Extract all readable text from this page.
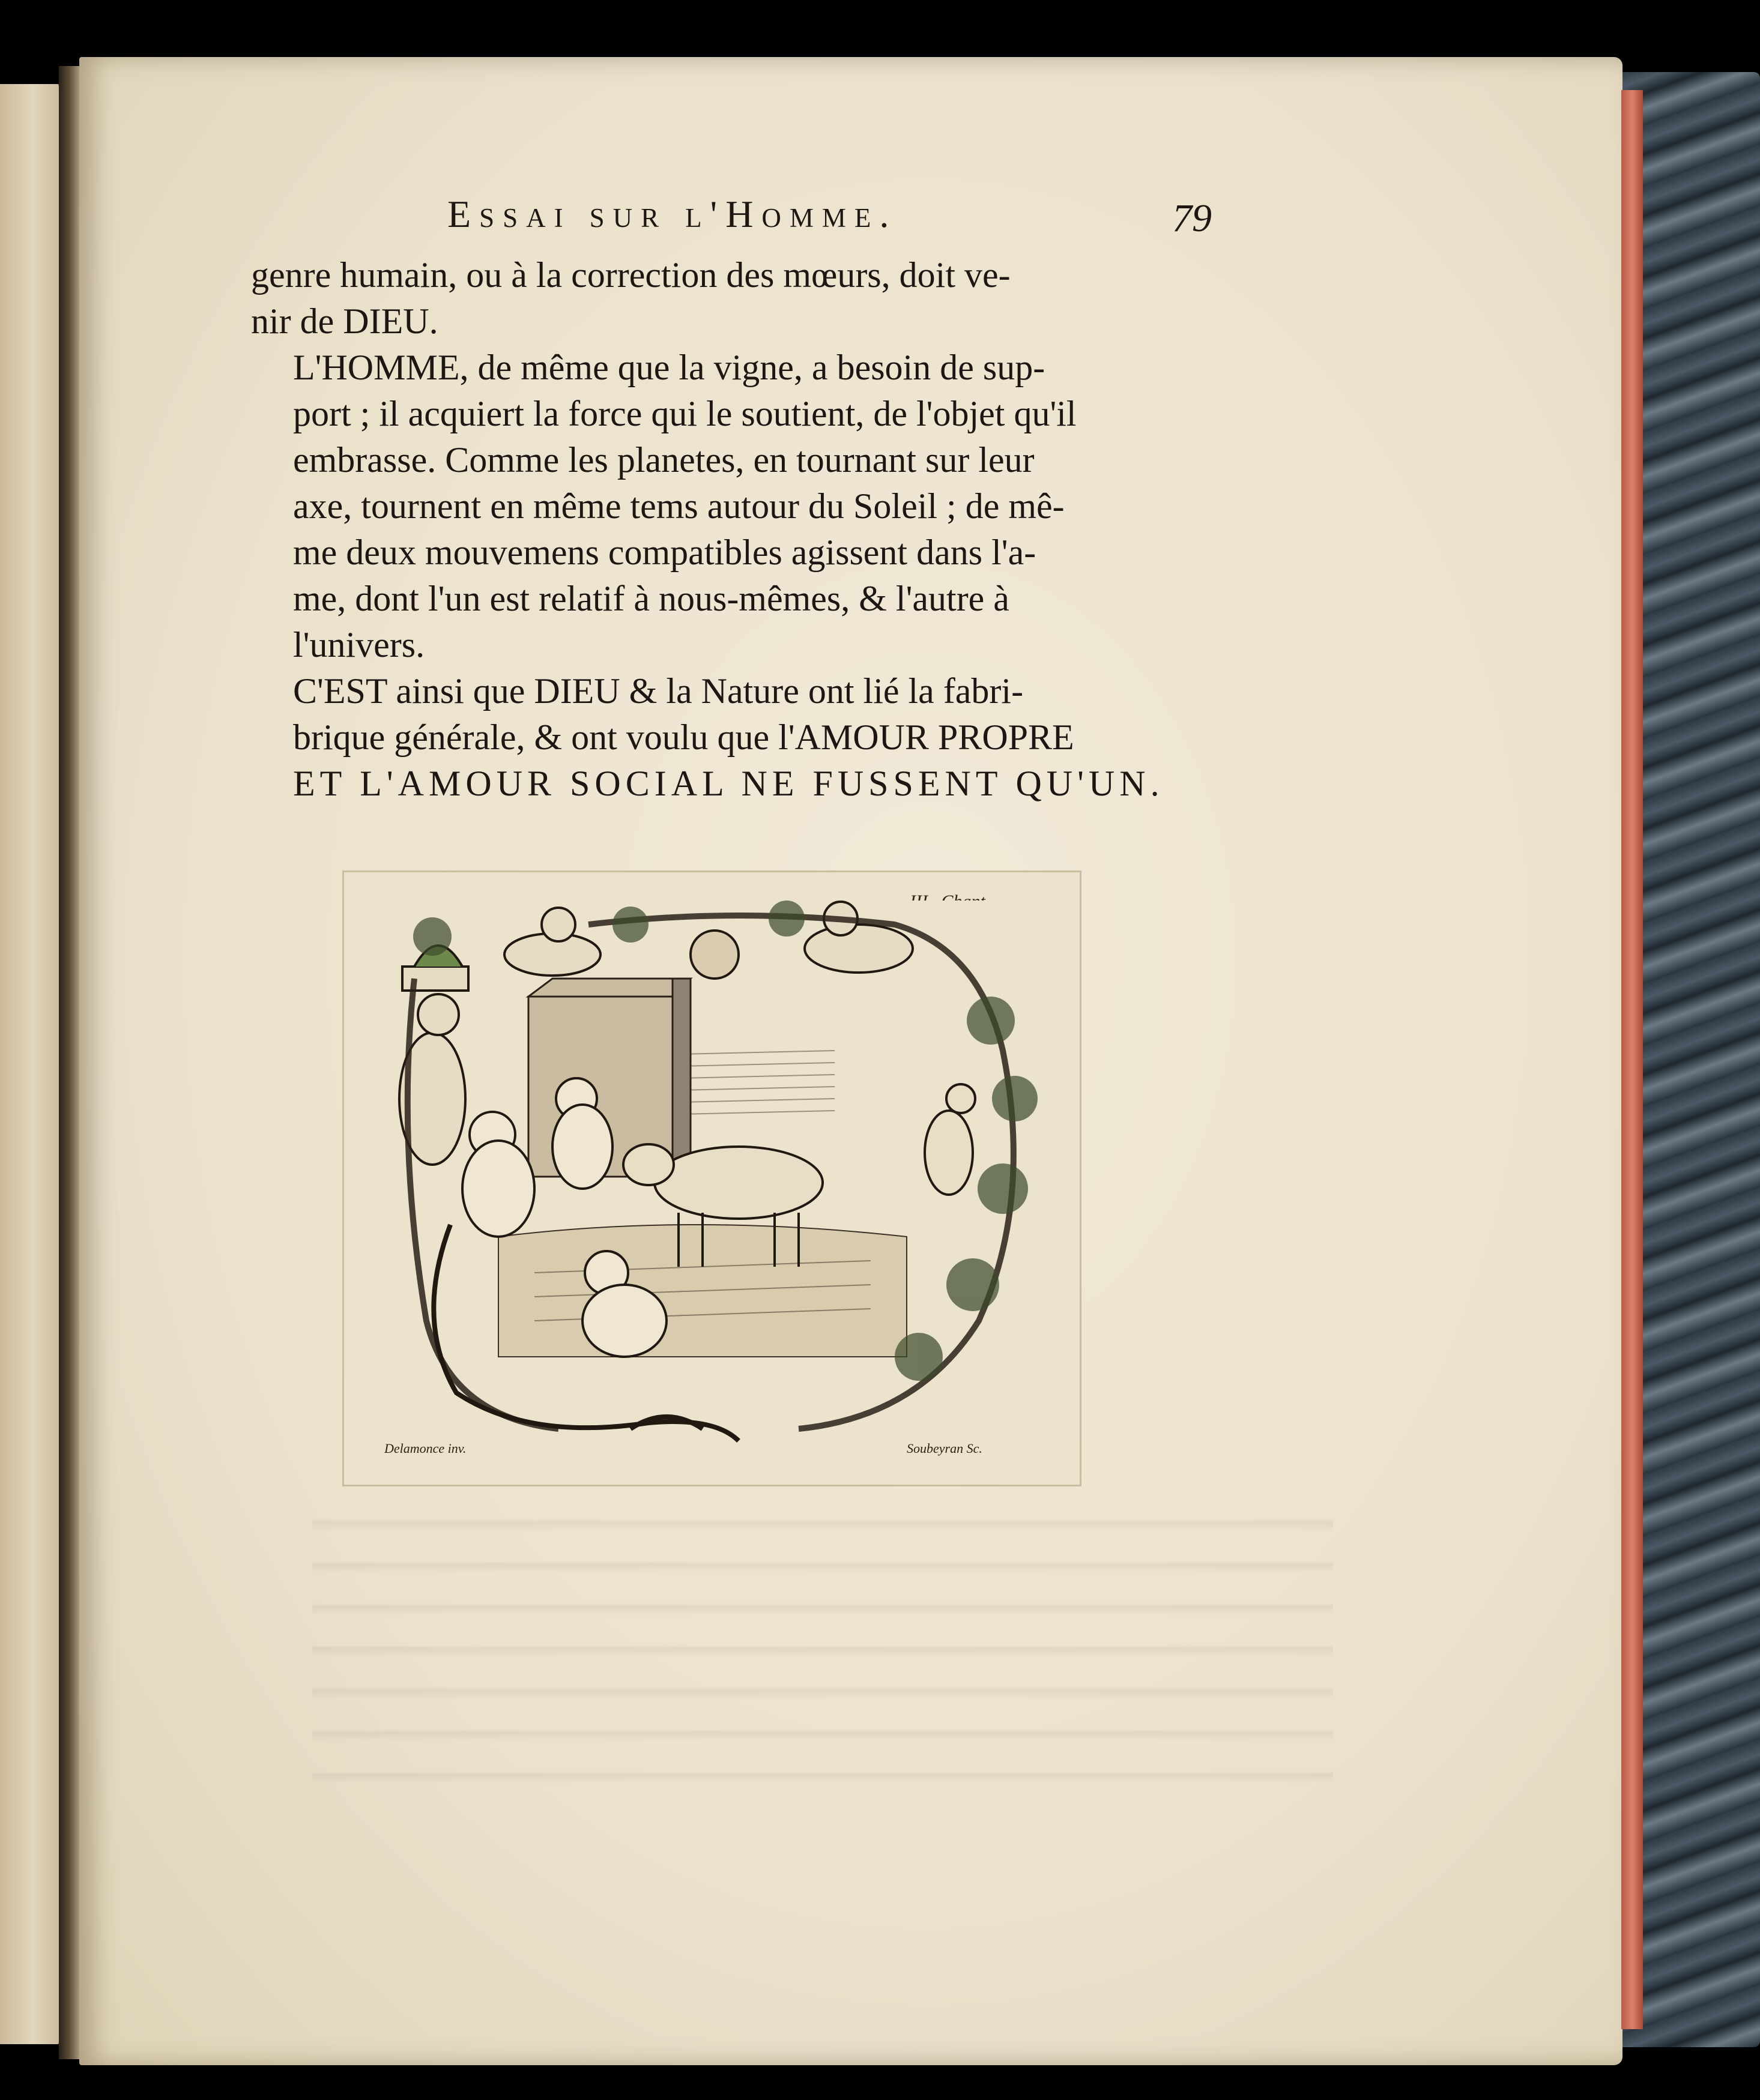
Essai sur l'Homme.	79

genre humain, ou à la correction des mœurs, doit ve-
nir de DIEU.

L'HOMME, de même que la vigne, a besoin de sup-
port ; il acquiert la force qui le soutient, de l'objet qu'il
embrasse. Comme les planetes, en tournant sur leur
axe, tournent en même tems autour du Soleil ; de mê-
me deux mouvemens compatibles agissent dans l'a-
me, dont l'un est relatif à nous-mêmes, & l'autre à
l'univers.

C'EST ainsi que DIEU & la Nature ont lié la fabri-
brique générale, & ont voulu que l'AMOUR PROPRE
ET L'AMOUR SOCIAL NE FUSSENT QU'UN.

Delamonce inv.	Soubeyran Sc.
